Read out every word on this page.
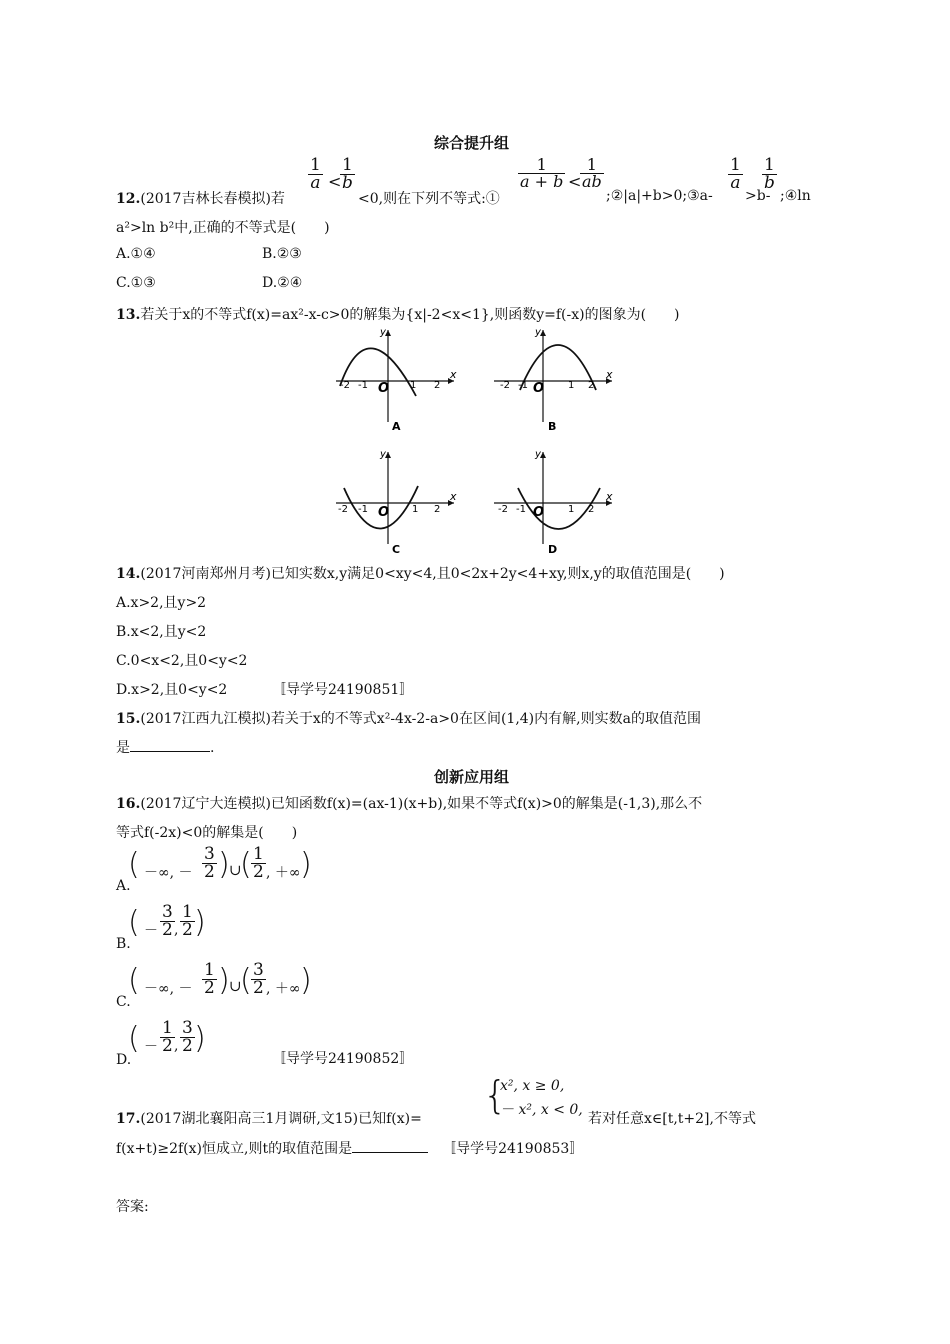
综合提升组
12.(2017吉林长春模拟)若
$\frac{1}{a}$ <
$\frac{1}{b}$
<0,则在下列不等式:①
$\frac{1}{a + b}$ <
$\frac{1}{ab}$
;②|a|+b>0;③a-
$\frac{1}{a}$
>b-
$\frac{1}{b}$
;④ln
a²>ln b²中,正确的不等式是(　　)
A.①④	B.②③
C.①③	D.②④
13.若关于x的不等式f(x)=ax²-x-c>0的解集为{x|-2<x<1},则函数y=f(-x)的图象为(　　)
y
x
-2 -1 O 1 2
A
y
x
-2 -1 O 1 2
B
y
x
-2 -1 O 1 2
C
y
x
-2 -1 O 1 2
D
14.(2017河南郑州月考)已知实数x,y满足0<xy<4,且0<2x+2y<4+xy,则x,y的取值范围是(　　)
A.x>2,且y>2
B.x<2,且y<2
C.0<x<2,且0<y<2
D.x>2,且0<y<2	〚导学号24190851〛
15.(2017江西九江模拟)若关于x的不等式x²-4x-2-a>0在区间(1,4)内有解,则实数a的取值范围
是	.
创新应用组
16.(2017辽宁大连模拟)已知函数f(x)=(ax-1)(x+b),如果不等式f(x)>0的解集是(-1,3),那么不
等式f(-2x)<0的解集是(　　)
A.
( －∞, － $\frac{3}{2}$ ) ∪
( $\frac{1}{2}$ , ＋∞ )
B.
( － $\frac{3}{2}$ , $\frac{1}{2}$ )
C.
( －∞, － $\frac{1}{2}$ ) ∪
( $\frac{3}{2}$ , ＋∞ )
D.
( － $\frac{1}{2}$ , $\frac{3}{2}$ )
〚导学号24190852〛
17.(2017湖北襄阳高三1月调研,文15)已知f(x)=
{
x², x ≥ 0,
－ x², x < 0,
若对任意x∈[t,t+2],不等式
f(x+t)≥2f(x)恒成立,则t的取值范围是	〚导学号24190853〛
答案:
